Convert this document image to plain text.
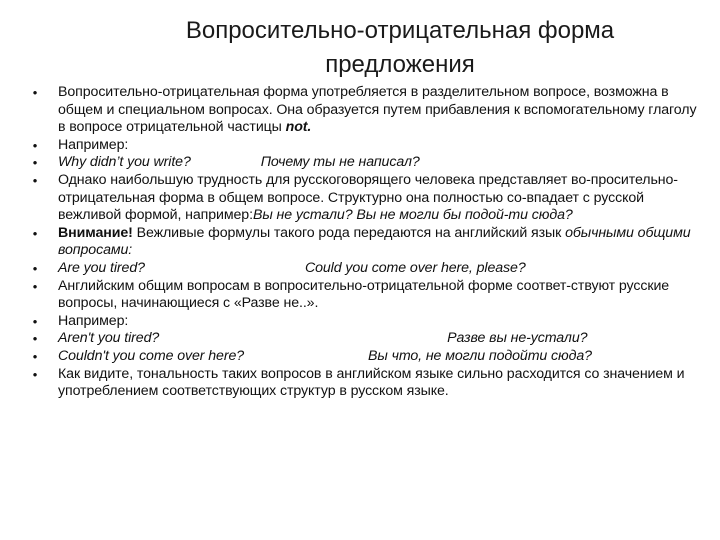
Вопросительно-отрицательная форма
предложения
• Вопросительно-отрицательная форма употребляется в разделительном вопросе, возможна в общем и специальном вопросах. Она образуется путем прибавления к вспомогательному глаголу в вопросе отрицательной частицы not.
• Например:
• Why didn’t you write?	Почему ты не написал?
• Однако наибольшую трудность для русскоговорящего человека представляет во-просительно-отрицательная форма в общем вопросе. Структурно она полностью со-впадает с русской вежливой формой, например:Вы не устали? Вы не могли бы подой-ти сюда?
• Внимание! Вежливые формулы такого рода передаются на английский язык обычными общими вопросами:
• Are you tired?	Could you come over here, please?
• Английским общим вопросам в вопросительно-отрицательной форме соответ-ствуют русские вопросы, начинающиеся с «Разве не..».
• Например:
• Aren't you tired?	Разве вы не-устали?
• Couldn't you come over here?	Вы что, не могли подойти сюда?
• Как видите, тональность таких вопросов в английском языке сильно расходится со значением и употреблением соответствующих структур в русском языке.
